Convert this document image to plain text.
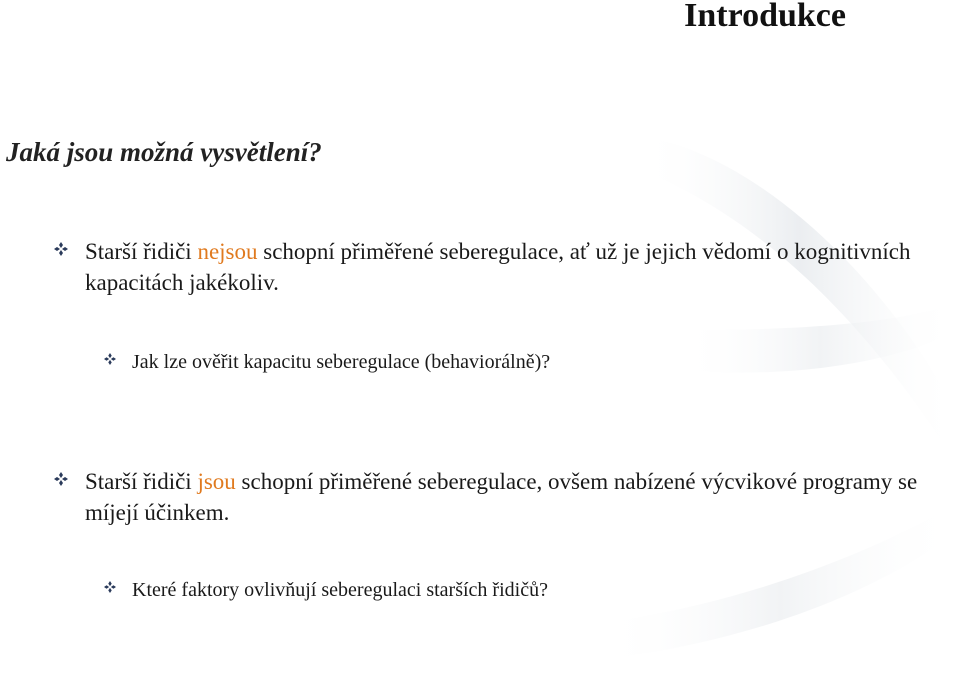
Introdukce
Jaká jsou možná vysvětlení?

Starší řidiči nejsou schopní přiměřené seberegulace, ať už je jejich vědomí o kognitivních kapacitách jakékoliv.

Jak lze ověřit kapacitu seberegulace (behaviorálně)?

Starší řidiči jsou schopní přiměřené seberegulace, ovšem nabízené výcvikové programy se míjejí účinkem.

Které faktory ovlivňují seberegulaci starších řidičů?
